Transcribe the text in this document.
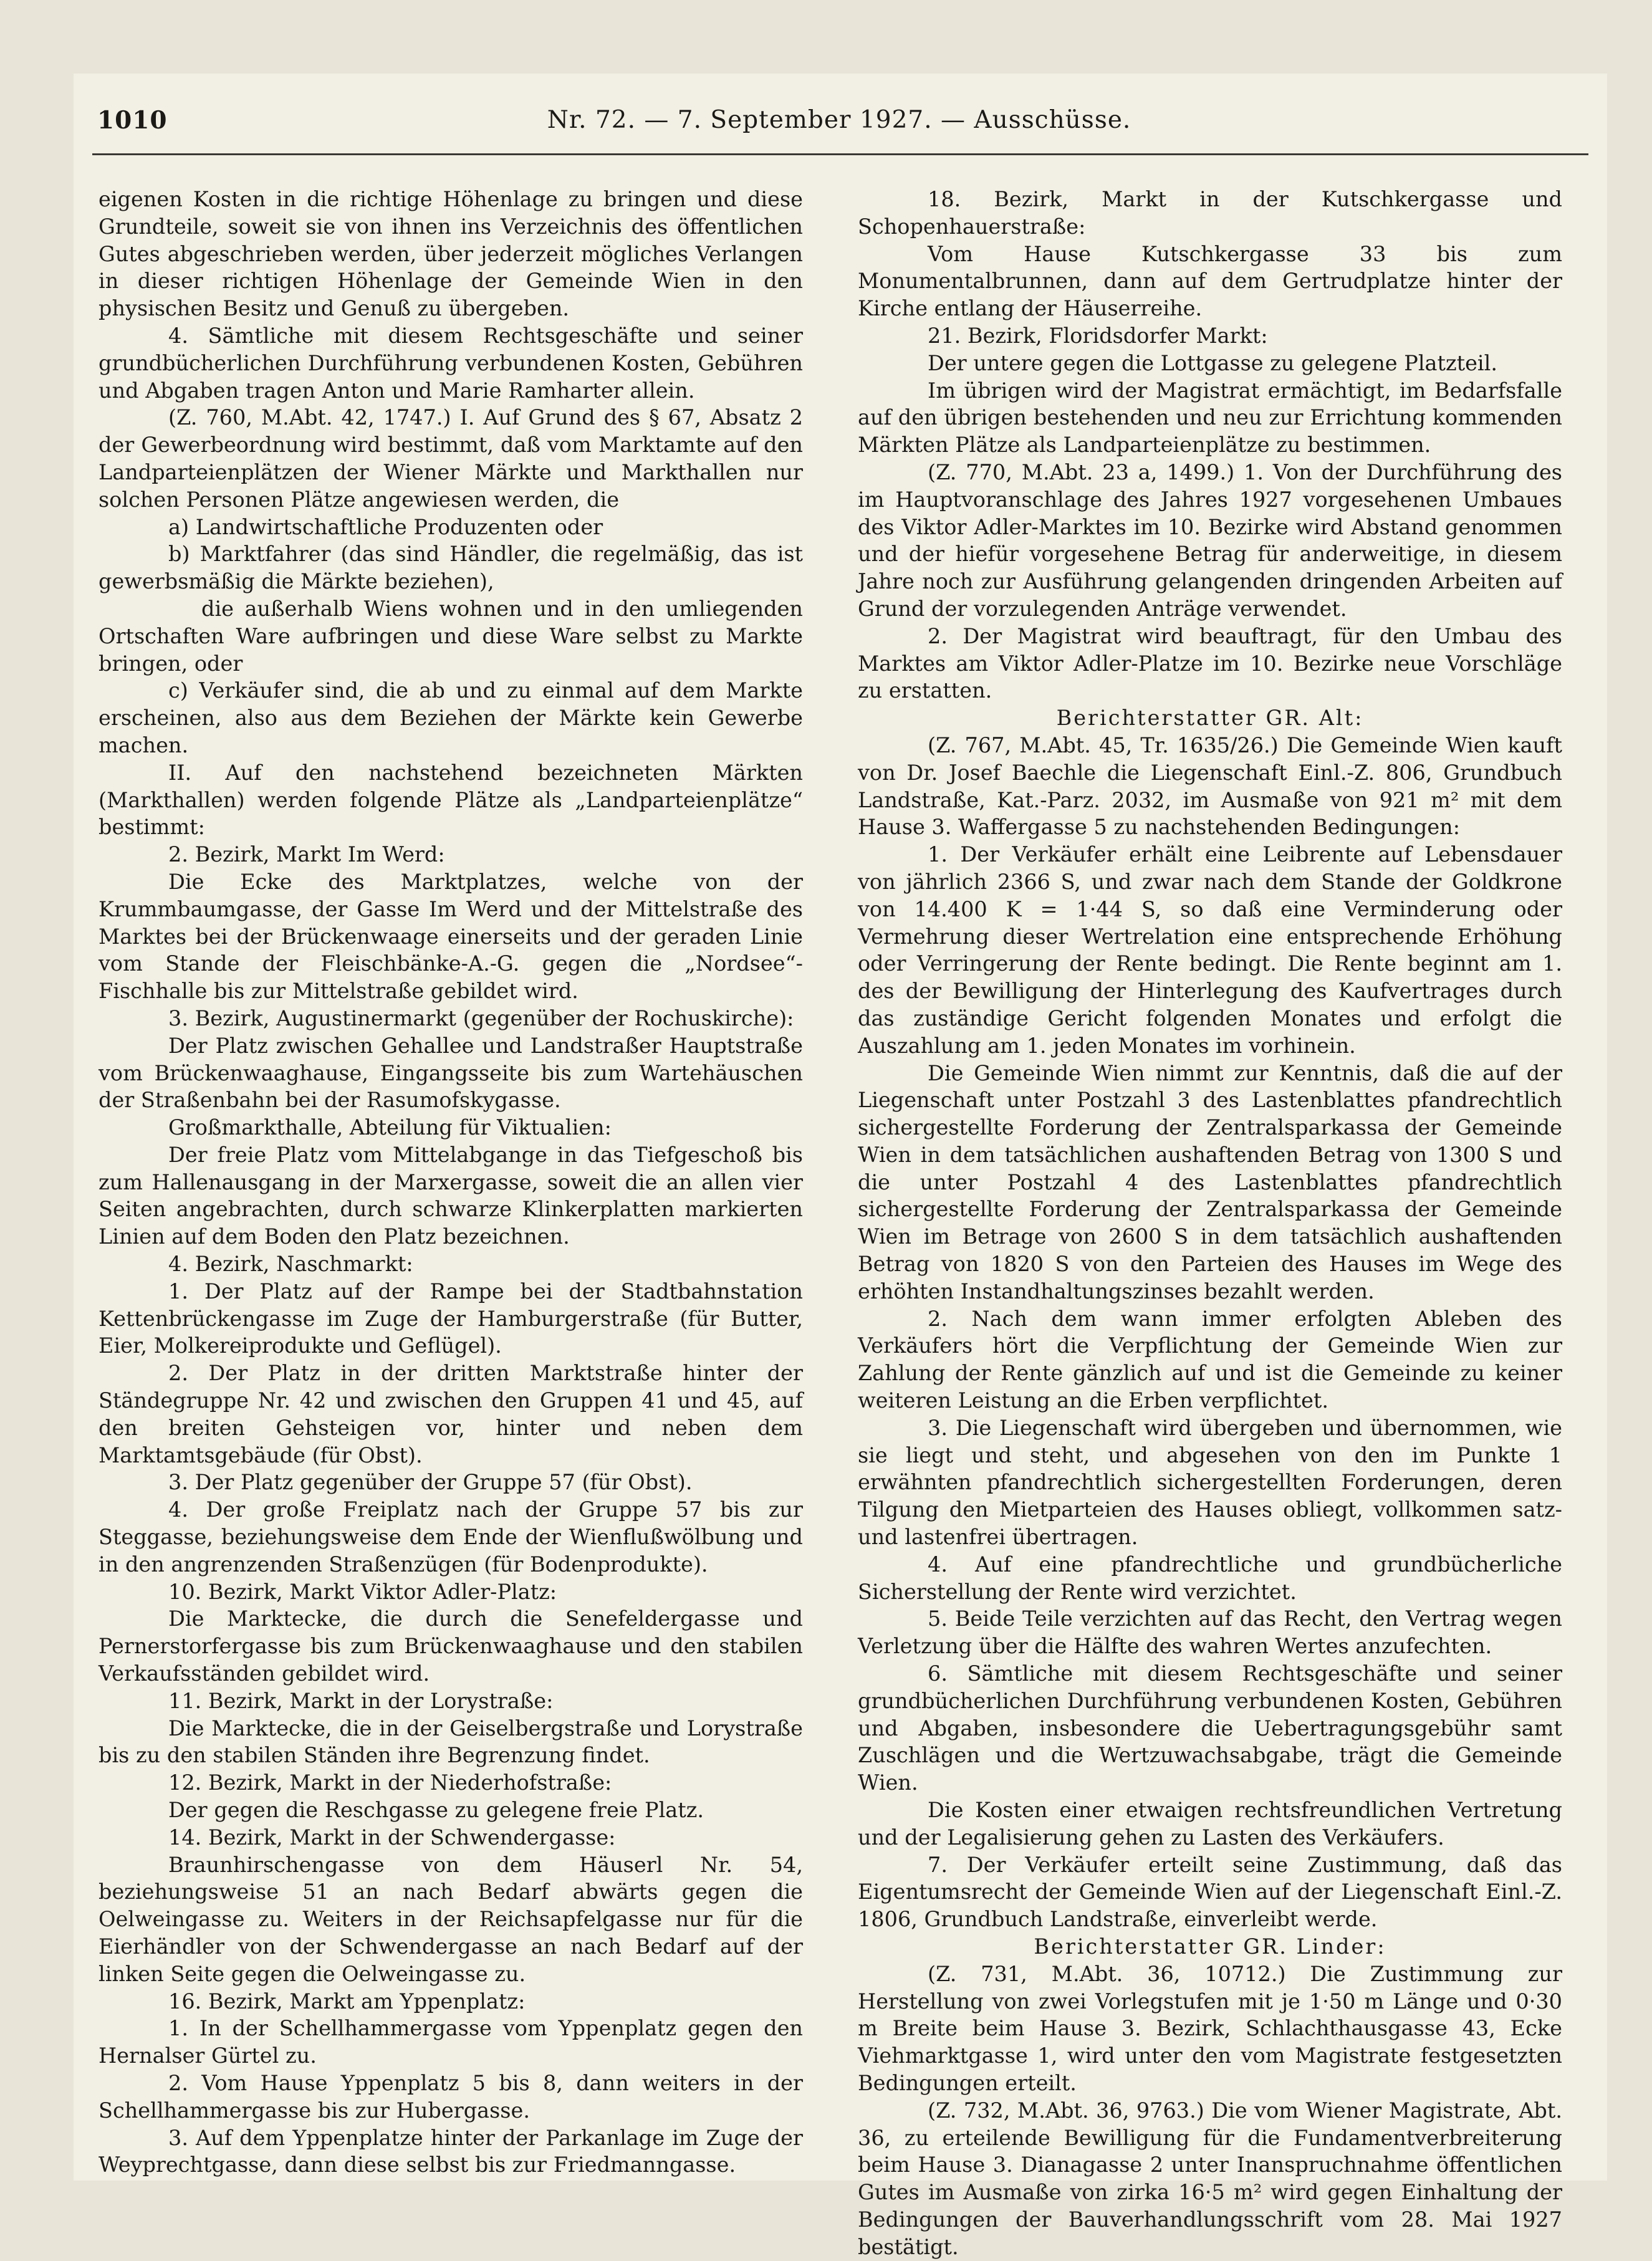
1010	Nr. 72. — 7. September 1927. — Ausschüsse.

eigenen Kosten in die richtige Höhenlage zu bringen und diese Grundteile, soweit sie von ihnen ins Verzeichnis des öffentlichen Gutes abgeschrieben werden, über jederzeit mögliches Verlangen in dieser richtigen Höhenlage der Gemeinde Wien in den physischen Besitz und Genuß zu übergeben.

4. Sämtliche mit diesem Rechtsgeschäfte und seiner grundbücherlichen Durchführung verbundenen Kosten, Gebühren und Abgaben tragen Anton und Marie Ramharter allein.

(Z. 760, M.Abt. 42, 1747.) I. Auf Grund des § 67, Absatz 2 der Gewerbeordnung wird bestimmt, daß vom Marktamte auf den Landparteienplätzen der Wiener Märkte und Markthallen nur solchen Personen Plätze angewiesen werden, die

a) Landwirtschaftliche Produzenten oder

b) Marktfahrer (das sind Händler, die regelmäßig, das ist gewerbsmäßig die Märkte beziehen),

die außerhalb Wiens wohnen und in den umliegenden Ortschaften Ware aufbringen und diese Ware selbst zu Markte bringen, oder

c) Verkäufer sind, die ab und zu einmal auf dem Markte erscheinen, also aus dem Beziehen der Märkte kein Gewerbe machen.

II. Auf den nachstehend bezeichneten Märkten (Markthallen) werden folgende Plätze als „Landparteienplätze“ bestimmt:

2. Bezirk, Markt Im Werd:

Die Ecke des Marktplatzes, welche von der Krummbaumgasse, der Gasse Im Werd und der Mittelstraße des Marktes bei der Brückenwaage einerseits und der geraden Linie vom Stande der Fleischbänke-A.-G. gegen die „Nordsee“-Fischhalle bis zur Mittelstraße gebildet wird.

3. Bezirk, Augustinermarkt (gegenüber der Rochuskirche):

Der Platz zwischen Gehallee und Landstraßer Hauptstraße vom Brückenwaaghause, Eingangsseite bis zum Wartehäuschen der Straßenbahn bei der Rasumofskygasse.

Großmarkthalle, Abteilung für Viktualien:

Der freie Platz vom Mittelabgange in das Tiefgeschoß bis zum Hallenausgang in der Marxergasse, soweit die an allen vier Seiten angebrachten, durch schwarze Klinkerplatten markierten Linien auf dem Boden den Platz bezeichnen.

4. Bezirk, Naschmarkt:

1. Der Platz auf der Rampe bei der Stadtbahnstation Kettenbrückengasse im Zuge der Hamburgerstraße (für Butter, Eier, Molkereiprodukte und Geflügel).

2. Der Platz in der dritten Marktstraße hinter der Ständegruppe Nr. 42 und zwischen den Gruppen 41 und 45, auf den breiten Gehsteigen vor, hinter und neben dem Marktamtsgebäude (für Obst).

3. Der Platz gegenüber der Gruppe 57 (für Obst).

4. Der große Freiplatz nach der Gruppe 57 bis zur Steggasse, beziehungsweise dem Ende der Wienflußwölbung und in den angrenzenden Straßenzügen (für Bodenprodukte).

10. Bezirk, Markt Viktor Adler-Platz:

Die Marktecke, die durch die Senefeldergasse und Pernerstorfergasse bis zum Brückenwaaghause und den stabilen Verkaufsständen gebildet wird.

11. Bezirk, Markt in der Lorystraße:

Die Marktecke, die in der Geiselbergstraße und Lorystraße bis zu den stabilen Ständen ihre Begrenzung findet.

12. Bezirk, Markt in der Niederhofstraße:

Der gegen die Reschgasse zu gelegene freie Platz.

14. Bezirk, Markt in der Schwendergasse:

Braunhirschengasse von dem Häuserl Nr. 54, beziehungsweise 51 an nach Bedarf abwärts gegen die Oelweingasse zu. Weiters in der Reichsapfelgasse nur für die Eierhändler von der Schwendergasse an nach Bedarf auf der linken Seite gegen die Oelweingasse zu.

16. Bezirk, Markt am Yppenplatz:

1. In der Schellhammergasse vom Yppenplatz gegen den Hernalser Gürtel zu.

2. Vom Hause Yppenplatz 5 bis 8, dann weiters in der Schellhammergasse bis zur Hubergasse.

3. Auf dem Yppenplatze hinter der Parkanlage im Zuge der Weyprechtgasse, dann diese selbst bis zur Friedmanngasse.

18. Bezirk, Markt in der Kutschkergasse und Schopenhauerstraße:

Vom Hause Kutschkergasse 33 bis zum Monumentalbrunnen, dann auf dem Gertrudplatze hinter der Kirche entlang der Häuserreihe.

21. Bezirk, Floridsdorfer Markt:

Der untere gegen die Lottgasse zu gelegene Platzteil.

Im übrigen wird der Magistrat ermächtigt, im Bedarfsfalle auf den übrigen bestehenden und neu zur Errichtung kommenden Märkten Plätze als Landparteienplätze zu bestimmen.

(Z. 770, M.Abt. 23 a, 1499.) 1. Von der Durchführung des im Hauptvoranschlage des Jahres 1927 vorgesehenen Umbaues des Viktor Adler-Marktes im 10. Bezirke wird Abstand genommen und der hiefür vorgesehene Betrag für anderweitige, in diesem Jahre noch zur Ausführung gelangenden dringenden Arbeiten auf Grund der vorzulegenden Anträge verwendet.

2. Der Magistrat wird beauftragt, für den Umbau des Marktes am Viktor Adler-Platze im 10. Bezirke neue Vorschläge zu erstatten.

Berichterstatter GR. Alt:

(Z. 767, M.Abt. 45, Tr. 1635/26.) Die Gemeinde Wien kauft von Dr. Josef Baechle die Liegenschaft Einl.-Z. 806, Grundbuch Landstraße, Kat.-Parz. 2032, im Ausmaße von 921 m² mit dem Hause 3. Waffergasse 5 zu nachstehenden Bedingungen:

1. Der Verkäufer erhält eine Leibrente auf Lebensdauer von jährlich 2366 S, und zwar nach dem Stande der Goldkrone von 14.400 K = 1·44 S, so daß eine Verminderung oder Vermehrung dieser Wertrelation eine entsprechende Erhöhung oder Verringerung der Rente bedingt. Die Rente beginnt am 1. des der Bewilligung der Hinterlegung des Kaufvertrages durch das zuständige Gericht folgenden Monates und erfolgt die Auszahlung am 1. jeden Monates im vorhinein.

Die Gemeinde Wien nimmt zur Kenntnis, daß die auf der Liegenschaft unter Postzahl 3 des Lastenblattes pfandrechtlich sichergestellte Forderung der Zentralsparkassa der Gemeinde Wien in dem tatsächlichen aushaftenden Betrag von 1300 S und die unter Postzahl 4 des Lastenblattes pfandrechtlich sichergestellte Forderung der Zentralsparkassa der Gemeinde Wien im Betrage von 2600 S in dem tatsächlich aushaftenden Betrag von 1820 S von den Parteien des Hauses im Wege des erhöhten Instandhaltungszinses bezahlt werden.

2. Nach dem wann immer erfolgten Ableben des Verkäufers hört die Verpflichtung der Gemeinde Wien zur Zahlung der Rente gänzlich auf und ist die Gemeinde zu keiner weiteren Leistung an die Erben verpflichtet.

3. Die Liegenschaft wird übergeben und übernommen, wie sie liegt und steht, und abgesehen von den im Punkte 1 erwähnten pfandrechtlich sichergestellten Forderungen, deren Tilgung den Mietparteien des Hauses obliegt, vollkommen satz- und lastenfrei übertragen.

4. Auf eine pfandrechtliche und grundbücherliche Sicherstellung der Rente wird verzichtet.

5. Beide Teile verzichten auf das Recht, den Vertrag wegen Verletzung über die Hälfte des wahren Wertes anzufechten.

6. Sämtliche mit diesem Rechtsgeschäfte und seiner grundbücherlichen Durchführung verbundenen Kosten, Gebühren und Abgaben, insbesondere die Uebertragungsgebühr samt Zuschlägen und die Wertzuwachsabgabe, trägt die Gemeinde Wien.

Die Kosten einer etwaigen rechtsfreundlichen Vertretung und der Legalisierung gehen zu Lasten des Verkäufers.

7. Der Verkäufer erteilt seine Zustimmung, daß das Eigentumsrecht der Gemeinde Wien auf der Liegenschaft Einl.-Z. 1806, Grundbuch Landstraße, einverleibt werde.

Berichterstatter GR. Linder:

(Z. 731, M.Abt. 36, 10712.) Die Zustimmung zur Herstellung von zwei Vorlegstufen mit je 1·50 m Länge und 0·30 m Breite beim Hause 3. Bezirk, Schlachthausgasse 43, Ecke Viehmarktgasse 1, wird unter den vom Magistrate festgesetzten Bedingungen erteilt.

(Z. 732, M.Abt. 36, 9763.) Die vom Wiener Magistrate, Abt. 36, zu erteilende Bewilligung für die Fundamentverbreiterung beim Hause 3. Dianagasse 2 unter Inanspruchnahme öffentlichen Gutes im Ausmaße von zirka 16·5 m² wird gegen Einhaltung der Bedingungen der Bauverhandlungsschrift vom 28. Mai 1927 bestätigt.
